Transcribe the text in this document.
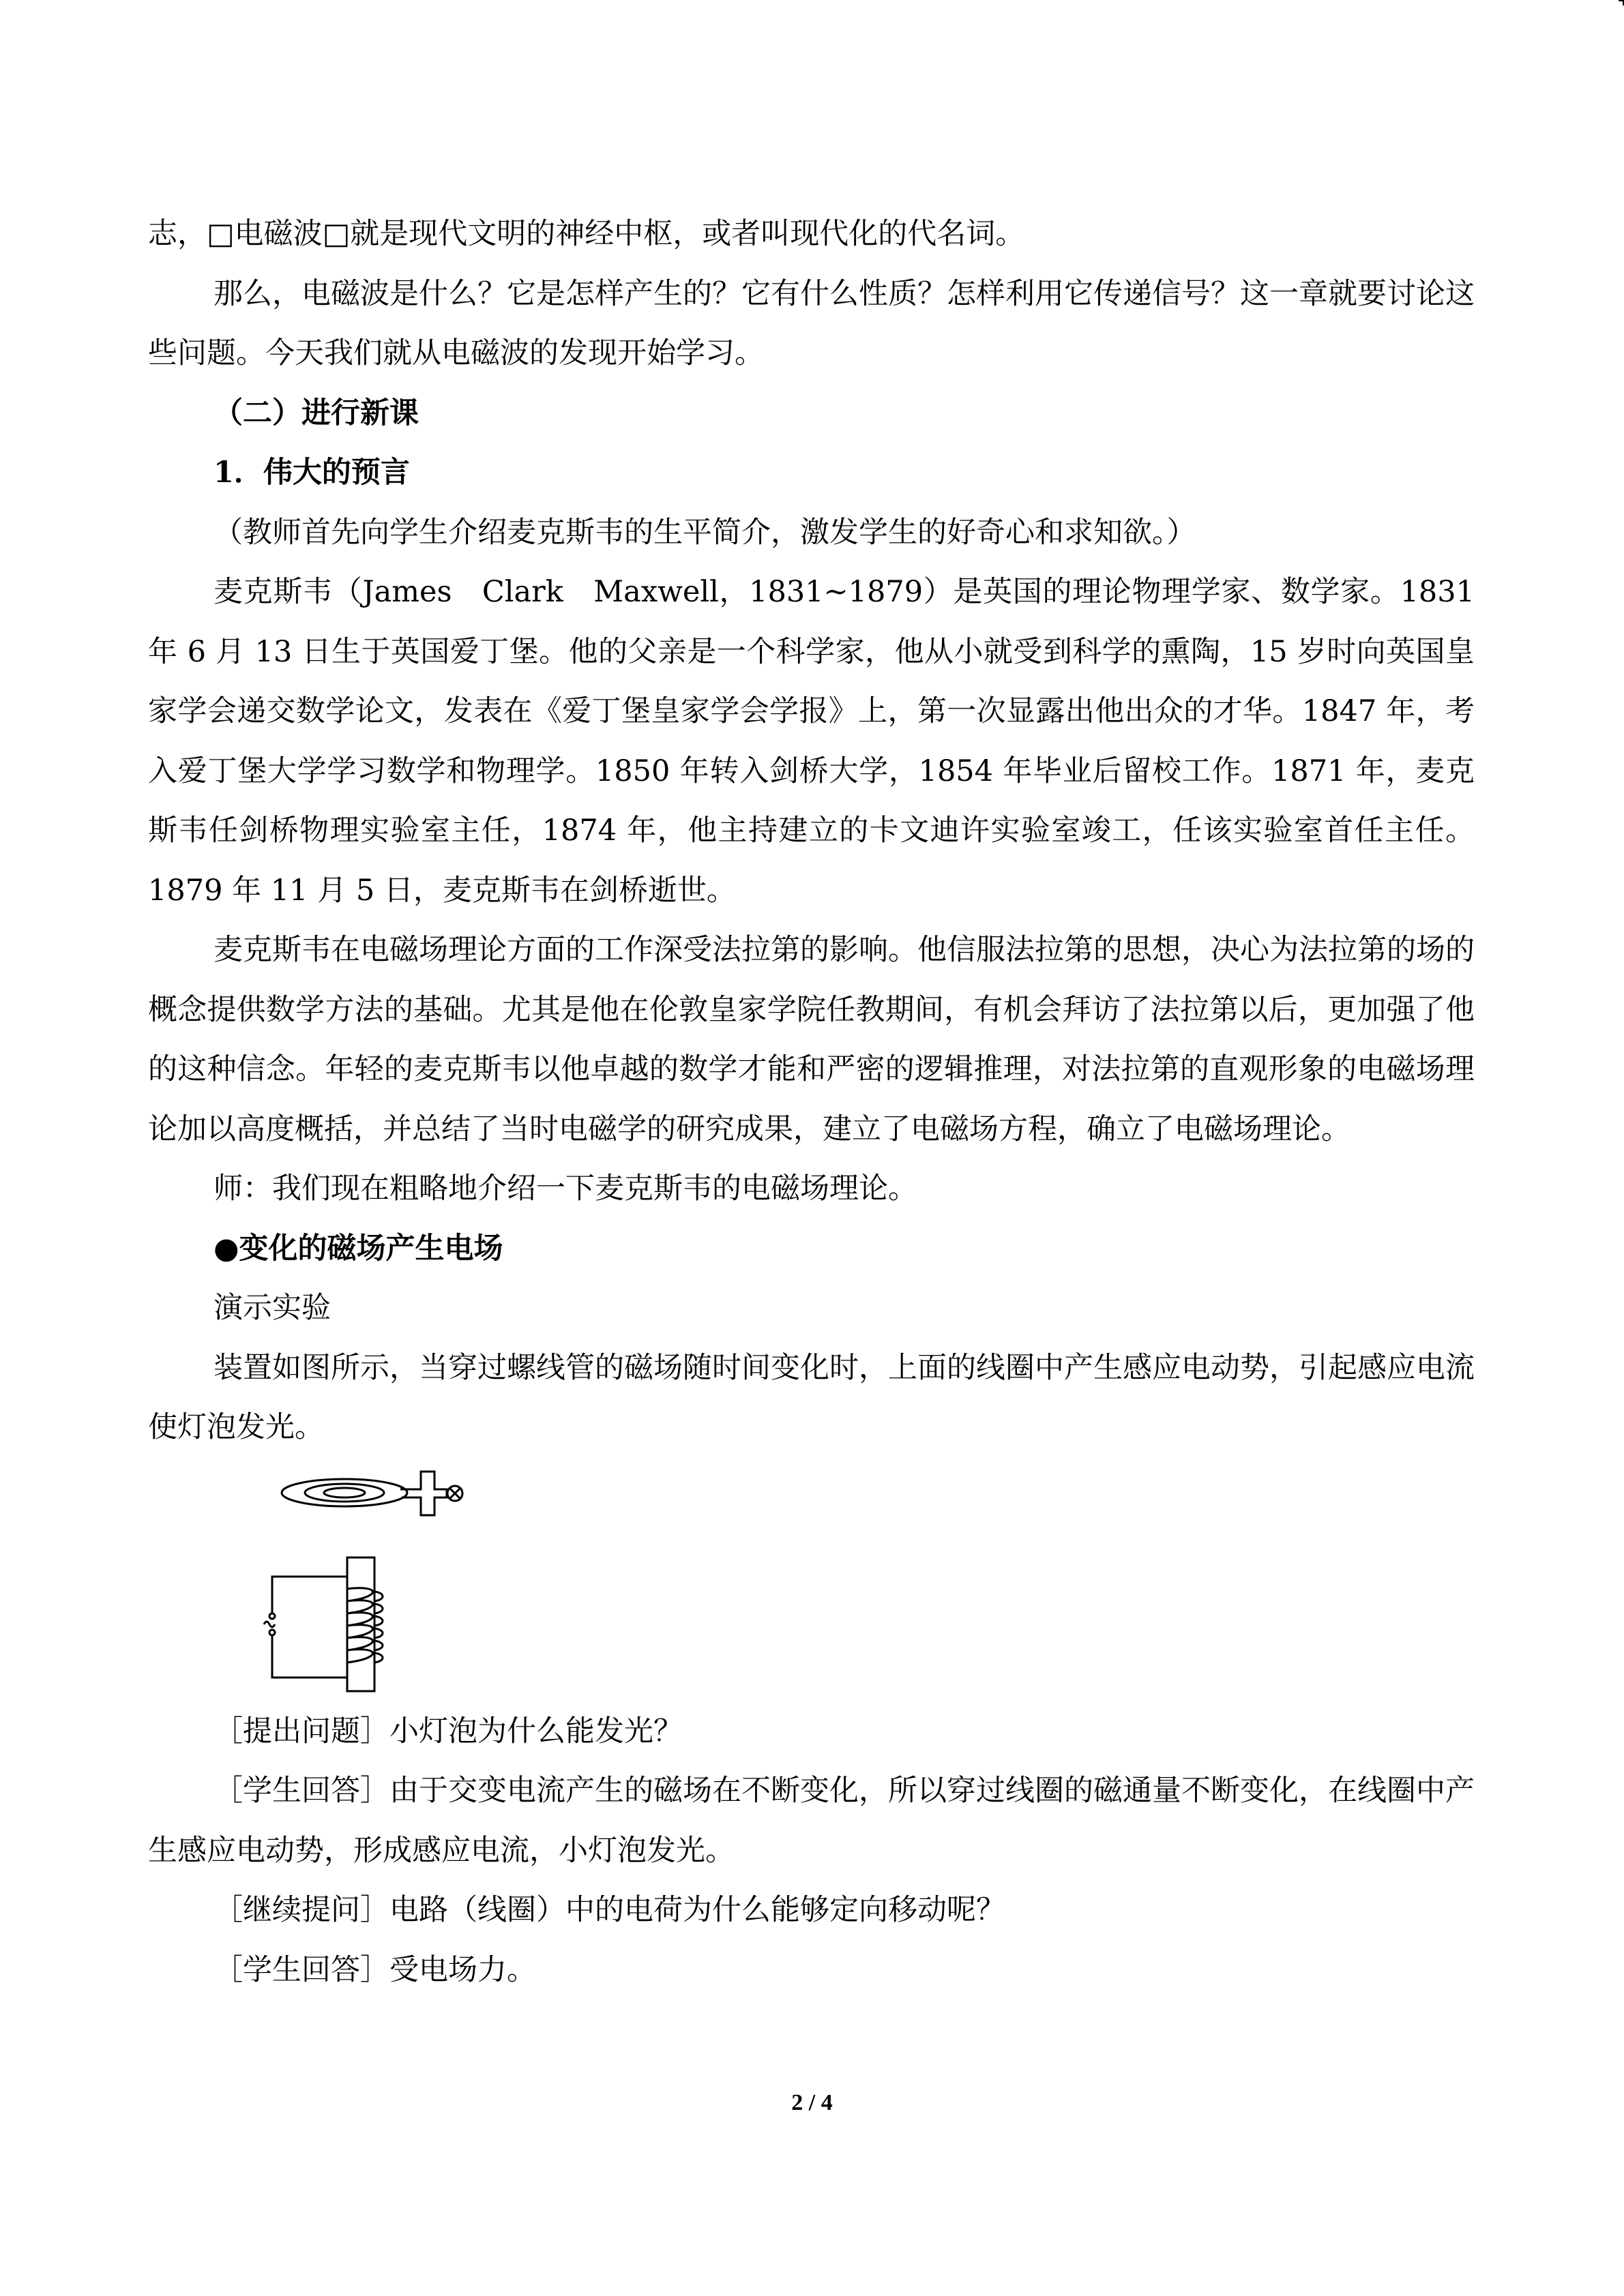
志，□电磁波□就是现代文明的神经中枢，或者叫现代化的代名词。

那么，电磁波是什么？它是怎样产生的？它有什么性质？怎样利用它传递信号？这一章就要讨论这些问题。今天我们就从电磁波的发现开始学习。

（二）进行新课

1．伟大的预言

（教师首先向学生介绍麦克斯韦的生平简介，激发学生的好奇心和求知欲。）

麦克斯韦（James　Clark　Maxwell，1831~1879）是英国的理论物理学家、数学家。1831年 6 月 13 日生于英国爱丁堡。他的父亲是一个科学家，他从小就受到科学的熏陶，15 岁时向英国皇家学会递交数学论文，发表在《爱丁堡皇家学会学报》上，第一次显露出他出众的才华。1847 年，考入爱丁堡大学学习数学和物理学。1850 年转入剑桥大学，1854 年毕业后留校工作。1871 年，麦克斯韦任剑桥物理实验室主任，1874 年，他主持建立的卡文迪许实验室竣工，任该实验室首任主任。1879 年 11 月 5 日，麦克斯韦在剑桥逝世。

麦克斯韦在电磁场理论方面的工作深受法拉第的影响。他信服法拉第的思想，决心为法拉第的场的概念提供数学方法的基础。尤其是他在伦敦皇家学院任教期间，有机会拜访了法拉第以后，更加强了他的这种信念。年轻的麦克斯韦以他卓越的数学才能和严密的逻辑推理，对法拉第的直观形象的电磁场理论加以高度概括，并总结了当时电磁学的研究成果，建立了电磁场方程，确立了电磁场理论。

师：我们现在粗略地介绍一下麦克斯韦的电磁场理论。

●变化的磁场产生电场

演示实验

装置如图所示，当穿过螺线管的磁场随时间变化时，上面的线圈中产生感应电动势，引起感应电流使灯泡发光。

［提出问题］小灯泡为什么能发光？

［学生回答］由于交变电流产生的磁场在不断变化，所以穿过线圈的磁通量不断变化，在线圈中产生感应电动势，形成感应电流，小灯泡发光。

［继续提问］电路（线圈）中的电荷为什么能够定向移动呢？

［学生回答］受电场力。

2 / 4
